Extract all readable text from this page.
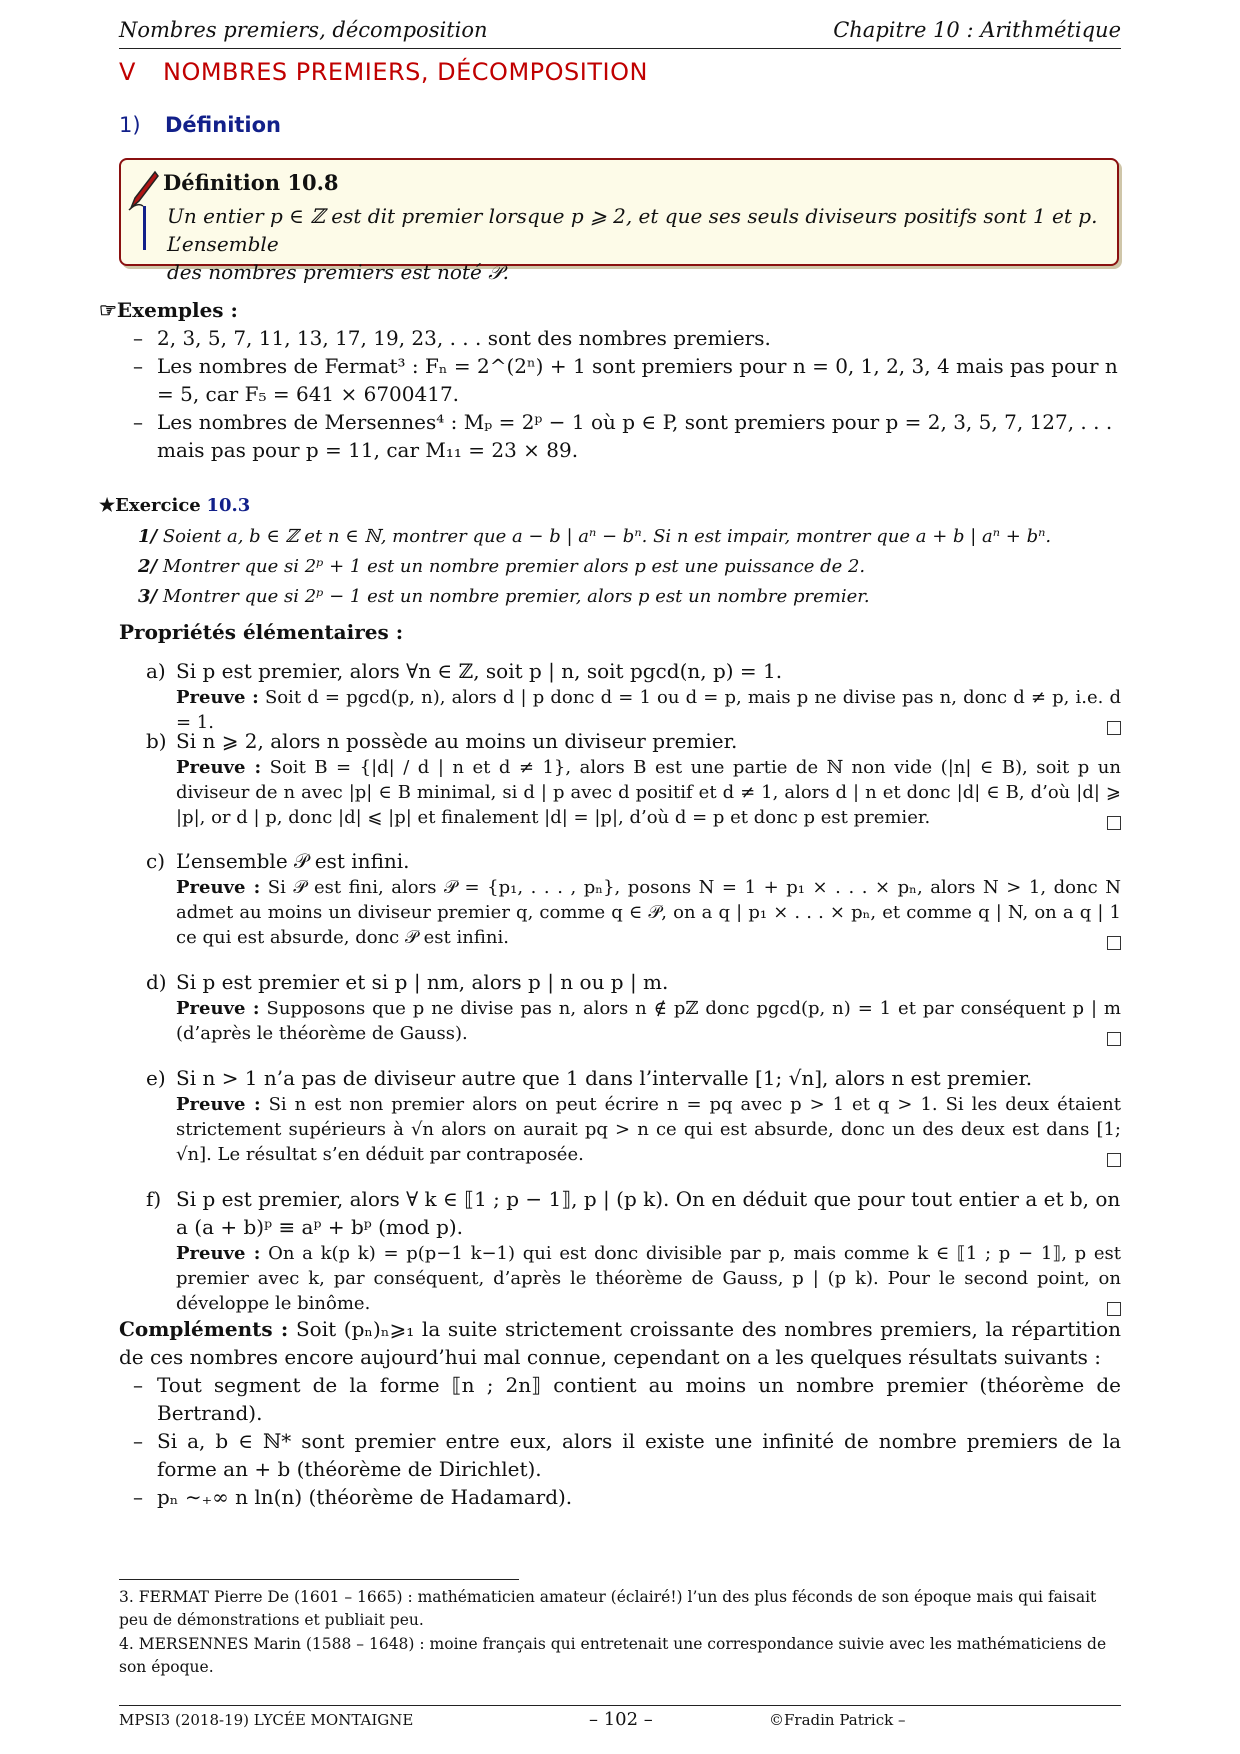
Nombres premiers, décomposition	Chapitre 10 : Arithmétique
V NOMBRES PREMIERS, DÉCOMPOSITION
1) Définition
Définition 10.8
Un entier p ∈ ℤ est dit premier lorsque p ⩾ 2, et que ses seuls diviseurs positifs sont 1 et p. L’ensemble
des nombres premiers est noté 𝒫.
☞Exemples :
– 2, 3, 5, 7, 11, 13, 17, 19, 23, . . . sont des nombres premiers.
– Les nombres de Fermat³ : Fₙ = 2^(2ⁿ) + 1 sont premiers pour n = 0, 1, 2, 3, 4 mais pas pour n = 5, car F₅ = 641 × 6700417.
– Les nombres de Mersennes⁴ : Mₚ = 2ᵖ − 1 où p ∈ P, sont premiers pour p = 2, 3, 5, 7, 127, . . . mais pas pour p = 11, car M₁₁ = 23 × 89.
★Exercice 10.3
1/ Soient a, b ∈ ℤ et n ∈ ℕ, montrer que a − b | aⁿ − bⁿ. Si n est impair, montrer que a + b | aⁿ + bⁿ.
2/ Montrer que si 2ᵖ + 1 est un nombre premier alors p est une puissance de 2.
3/ Montrer que si 2ᵖ − 1 est un nombre premier, alors p est un nombre premier.
Propriétés élémentaires :
a) Si p est premier, alors ∀n ∈ ℤ, soit p | n, soit pgcd(n, p) = 1.
Preuve : Soit d = pgcd(p, n), alors d | p donc d = 1 ou d = p, mais p ne divise pas n, donc d ≠ p, i.e. d = 1.
b) Si n ⩾ 2, alors n possède au moins un diviseur premier.
Preuve : Soit B = {|d| / d | n et d ≠ 1}, alors B est une partie de ℕ non vide (|n| ∈ B), soit p un diviseur de n avec |p| ∈ B minimal, si d | p avec d positif et d ≠ 1, alors d | n et donc |d| ∈ B, d’où |d| ⩾ |p|, or d | p, donc |d| ⩽ |p| et finalement |d| = |p|, d’où d = p et donc p est premier.
c) L’ensemble 𝒫 est infini.
Preuve : Si 𝒫 est fini, alors 𝒫 = {p₁, . . . , pₙ}, posons N = 1 + p₁ × . . . × pₙ, alors N > 1, donc N admet au moins un diviseur premier q, comme q ∈ 𝒫, on a q | p₁ × . . . × pₙ, et comme q | N, on a q | 1 ce qui est absurde, donc 𝒫 est infini.
d) Si p est premier et si p | nm, alors p | n ou p | m.
Preuve : Supposons que p ne divise pas n, alors n ∉ pℤ donc pgcd(p, n) = 1 et par conséquent p | m (d’après le théorème de Gauss).
e) Si n > 1 n’a pas de diviseur autre que 1 dans l’intervalle [1; √n], alors n est premier.
Preuve : Si n est non premier alors on peut écrire n = pq avec p > 1 et q > 1. Si les deux étaient strictement supérieurs à √n alors on aurait pq > n ce qui est absurde, donc un des deux est dans [1; √n]. Le résultat s’en déduit par contraposée.
f) Si p est premier, alors ∀ k ∈ ⟦1 ; p − 1⟧, p | (p k). On en déduit que pour tout entier a et b, on a (a + b)ᵖ ≡ aᵖ + bᵖ (mod p).
Preuve : On a k(p k) = p(p−1 k−1) qui est donc divisible par p, mais comme k ∈ ⟦1 ; p − 1⟧, p est premier avec k, par conséquent, d’après le théorème de Gauss, p | (p k). Pour le second point, on développe le binôme.
Compléments : Soit (pₙ)ₙ⩾₁ la suite strictement croissante des nombres premiers, la répartition de ces nombres encore aujourd’hui mal connue, cependant on a les quelques résultats suivants :
– Tout segment de la forme ⟦n ; 2n⟧ contient au moins un nombre premier (théorème de Bertrand).
– Si a, b ∈ ℕ* sont premier entre eux, alors il existe une infinité de nombre premiers de la forme an + b (théorème de Dirichlet).
– pₙ ∼₊∞ n ln(n) (théorème de Hadamard).
3. FERMAT Pierre De (1601 – 1665) : mathématicien amateur (éclairé!) l’un des plus féconds de son époque mais qui faisait peu de démonstrations et publiait peu.
4. MERSENNES Marin (1588 – 1648) : moine français qui entretenait une correspondance suivie avec les mathématiciens de son époque.
MPSI3 (2018-19) LYCÉE MONTAIGNE	– 102 –	©Fradin Patrick –
